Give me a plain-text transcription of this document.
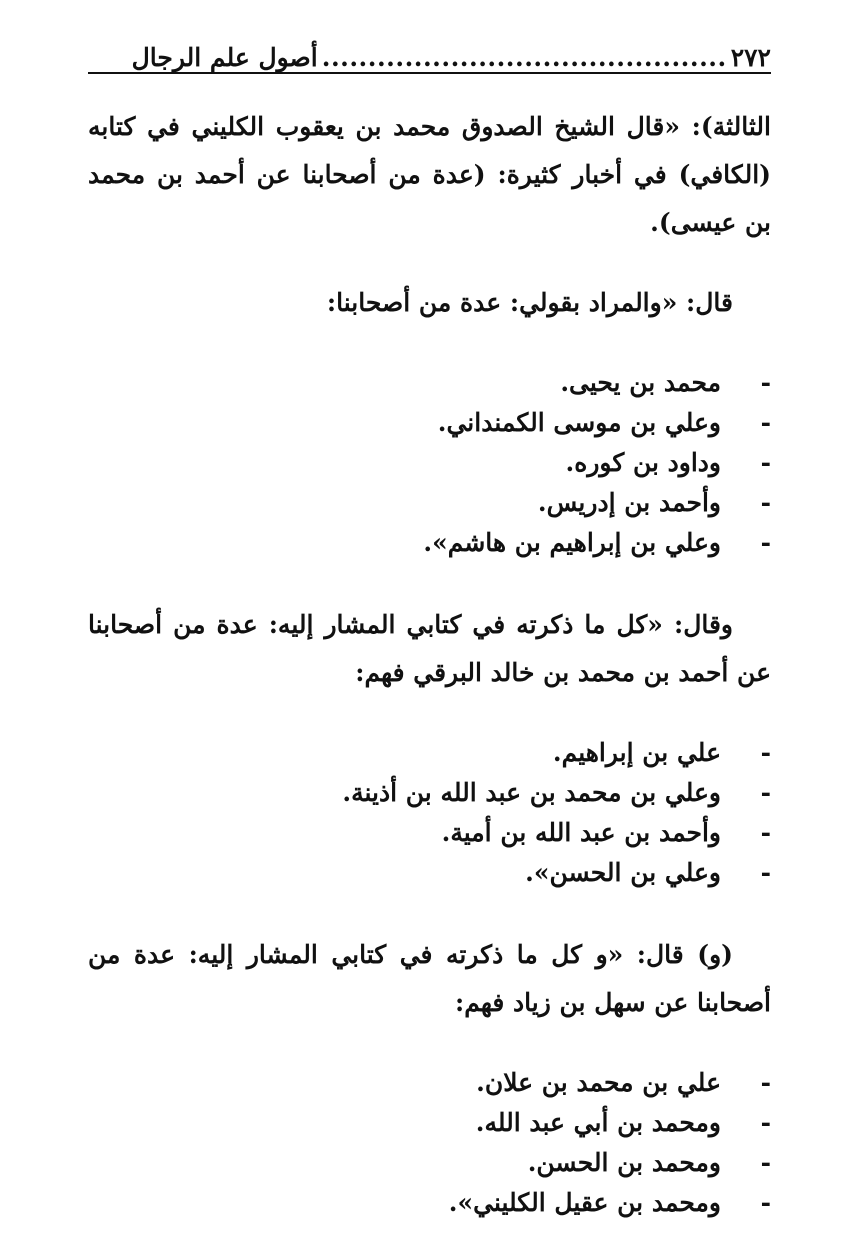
٢٧٢
............................................
أصول علم الرجال

الثالثة): «قال الشيخ الصدوق محمد بن يعقوب الكليني في كتابه (الكافي) في أخبار كثيرة: (عدة من أصحابنا عن أحمد بن محمد بن عيسى).

قال: «والمراد بقولي: عدة من أصحابنا:

-
محمد بن يحيى.
-
وعلي بن موسى الكمنداني.
-
وداود بن كوره.
-
وأحمد بن إدريس.
-
وعلي بن إبراهيم بن هاشم».

وقال: «كل ما ذكرته في كتابي المشار إليه: عدة من أصحابنا عن أحمد بن محمد بن خالد البرقي فهم:

-
علي بن إبراهيم.
-
وعلي بن محمد بن عبد الله بن أذينة.
-
وأحمد بن عبد الله بن أمية.
-
وعلي بن الحسن».

(و) قال: «و كل ما ذكرته في كتابي المشار إليه: عدة من أصحابنا عن سهل بن زياد فهم:

-
علي بن محمد بن علان.
-
ومحمد بن أبي عبد الله.
-
ومحمد بن الحسن.
-
ومحمد بن عقيل الكليني».
